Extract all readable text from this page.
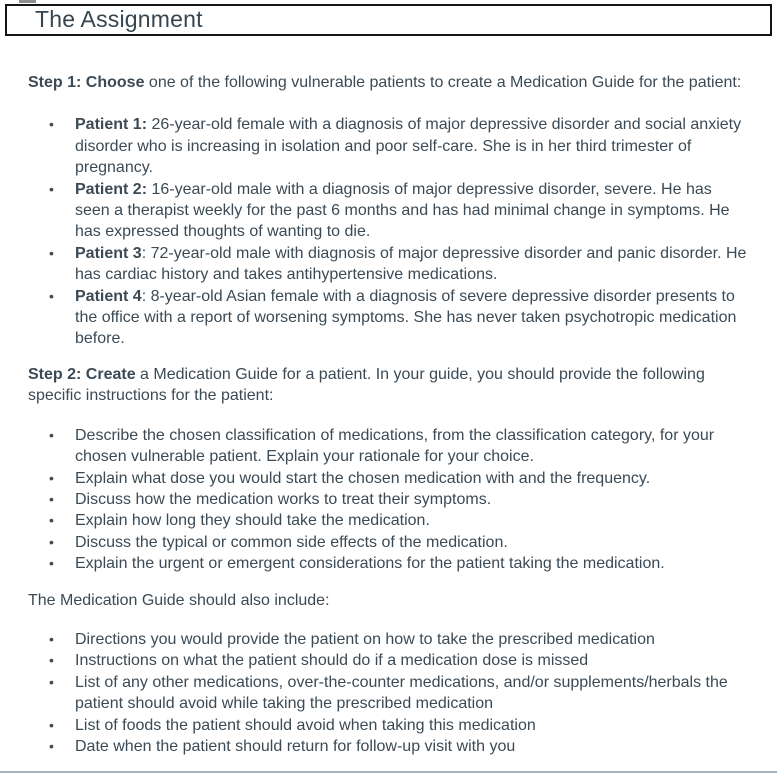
The Assignment

Step 1: Choose one of the following vulnerable patients to create a Medication Guide for the patient:

• Patient 1: 26-year-old female with a diagnosis of major depressive disorder and social anxiety disorder who is increasing in isolation and poor self-care. She is in her third trimester of pregnancy.
• Patient 2: 16-year-old male with a diagnosis of major depressive disorder, severe. He has seen a therapist weekly for the past 6 months and has had minimal change in symptoms. He has expressed thoughts of wanting to die.
• Patient 3: 72-year-old male with diagnosis of major depressive disorder and panic disorder. He has cardiac history and takes antihypertensive medications.
• Patient 4: 8-year-old Asian female with a diagnosis of severe depressive disorder presents to the office with a report of worsening symptoms. She has never taken psychotropic medication before.

Step 2: Create a Medication Guide for a patient. In your guide, you should provide the following specific instructions for the patient:

• Describe the chosen classification of medications, from the classification category, for your chosen vulnerable patient. Explain your rationale for your choice.
• Explain what dose you would start the chosen medication with and the frequency.
• Discuss how the medication works to treat their symptoms.
• Explain how long they should take the medication.
• Discuss the typical or common side effects of the medication.
• Explain the urgent or emergent considerations for the patient taking the medication.

The Medication Guide should also include:

• Directions you would provide the patient on how to take the prescribed medication
• Instructions on what the patient should do if a medication dose is missed
• List of any other medications, over-the-counter medications, and/or supplements/herbals the patient should avoid while taking the prescribed medication
• List of foods the patient should avoid when taking this medication
• Date when the patient should return for follow-up visit with you
